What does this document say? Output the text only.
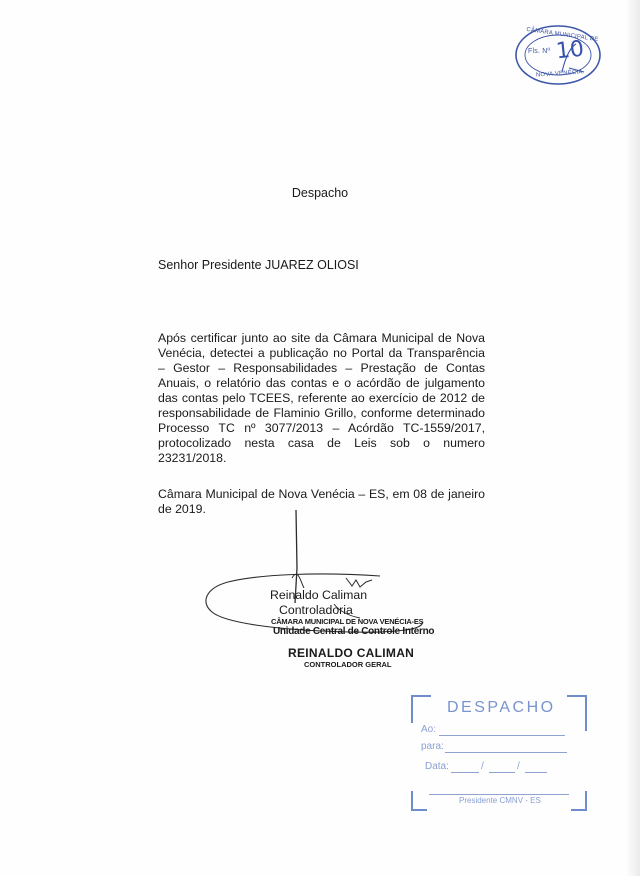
CÂMARA MUNICIPAL DE
Fls. Nº 10
NOVA VENÉCIA
Despacho
Senhor Presidente JUAREZ OLIOSI
Após certificar junto ao site da Câmara Municipal de Nova Venécia, detectei a publicação no Portal da Transparência – Gestor – Responsabilidades – Prestação de Contas Anuais, o relatório das contas e o acórdão de julgamento das contas pelo TCEES, referente ao exercício de 2012 de responsabilidade de Flaminio Grillo, conforme determinado Processo TC nº 3077/2013 – Acórdão TC-1559/2017, protocolizado nesta casa de Leis sob o numero 23231/2018.
Câmara Municipal de Nova Venécia – ES, em 08 de janeiro de 2019.
Reinaldo Caliman
Controladoria
CÂMARA MUNICIPAL DE NOVA VENÉCIA-ES
Unidade Central de Controle Interno
REINALDO CALIMAN
CONTROLADOR GERAL
DESPACHO
Ao:
para:
Data:	/	/
Presidente CMNV - ES
